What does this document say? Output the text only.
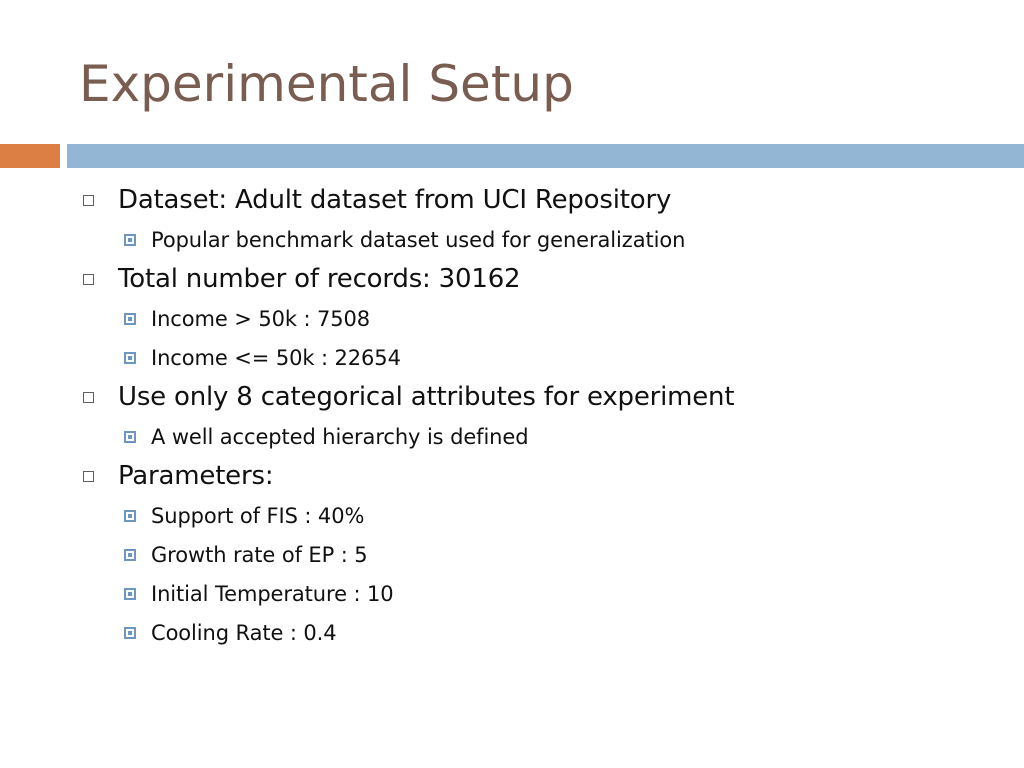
Experimental Setup
Dataset: Adult dataset from UCI Repository
Popular benchmark dataset used for generalization
Total number of records: 30162
Income > 50k : 7508
Income <= 50k : 22654
Use only 8 categorical attributes for experiment
A well accepted hierarchy is defined
Parameters:
Support of FIS : 40%
Growth rate of EP : 5
Initial Temperature : 10
Cooling Rate : 0.4
